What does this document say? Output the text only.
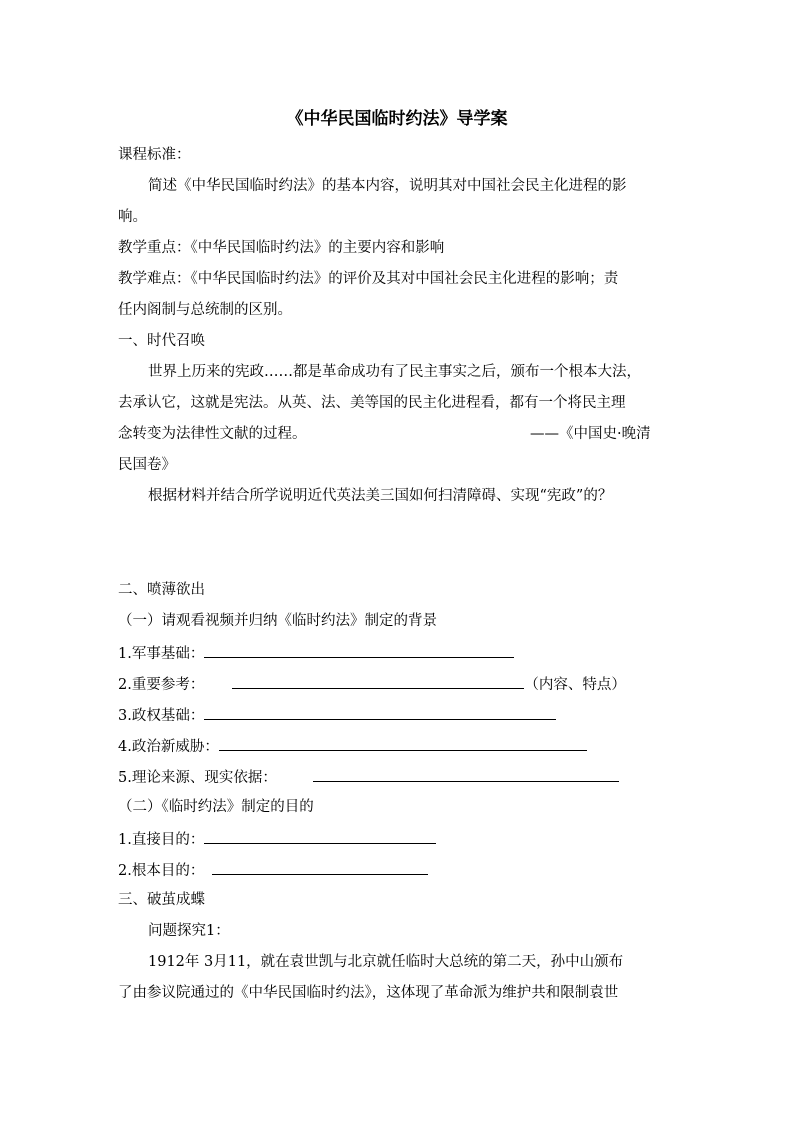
《中华民国临时约法》导学案
课程标准：
简述《中华民国临时约法》的基本内容，说明其对中国社会民主化进程的影
响。
教学重点：《中华民国临时约法》的主要内容和影响
教学难点：《中华民国临时约法》的评价及其对中国社会民主化进程的影响；责
任内阁制与总统制的区别。
一、时代召唤
世界上历来的宪政……都是革命成功有了民主事实之后，颁布一个根本大法，
去承认它，这就是宪法。从英、法、美等国的民主化进程看，都有一个将民主理
念转变为法律性文献的过程。	——《中国史·晚清
民国卷》
根据材料并结合所学说明近代英法美三国如何扫清障碍、实现“宪政”的？
二、喷薄欲出
（一）请观看视频并归纳《临时约法》制定的背景
1.军事基础：
2.重要参考：	（内容、特点）
3.政权基础：
4.政治新威胁：
5.理论来源、现实依据：
（二）《临时约法》制定的目的
1.直接目的：
2.根本目的：
三、破茧成蝶
问题探究1：
1912年 3月11，就在袁世凯与北京就任临时大总统的第二天，孙中山颁布
了由参议院通过的《中华民国临时约法》，这体现了革命派为维护共和限制袁世
